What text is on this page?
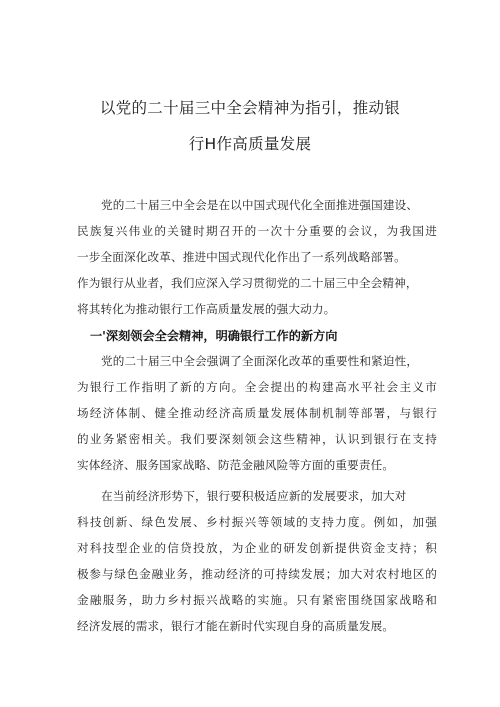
以党的二十届三中全会精神为指引，推动银
行H作高质量发展
党的二十届三中全会是在以中国式现代化全面推进强国建设、
民族复兴伟业的关键时期召开的一次十分重要的会议，为我国进
一步全面深化改革、推进中国式现代化作出了一系列战略部署。
作为银行从业者，我们应深入学习贯彻党的二十届三中全会精神，
将其转化为推动银行工作高质量发展的强大动力。
一'深刻领会全会精神，明确银行工作的新方向
党的二十届三中全会强调了全面深化改革的重要性和紧迫性，
为银行工作指明了新的方向。全会提出的构建高水平社会主义市
场经济体制、健全推动经济高质量发展体制机制等部署，与银行
的业务紧密相关。我们要深刻领会这些精神，认识到银行在支持
实体经济、服务国家战略、防范金融风险等方面的重要责任。
在当前经济形势下，银行要积极适应新的发展要求，加大对
科技创新、绿色发展、乡村振兴等领域的支持力度。例如，加强
对科技型企业的信贷投放，为企业的研发创新提供资金支持；积
极参与绿色金融业务，推动经济的可持续发展；加大对农村地区的
金融服务，助力乡村振兴战略的实施。只有紧密围绕国家战略和
经济发展的需求，银行才能在新时代实现自身的高质量发展。
